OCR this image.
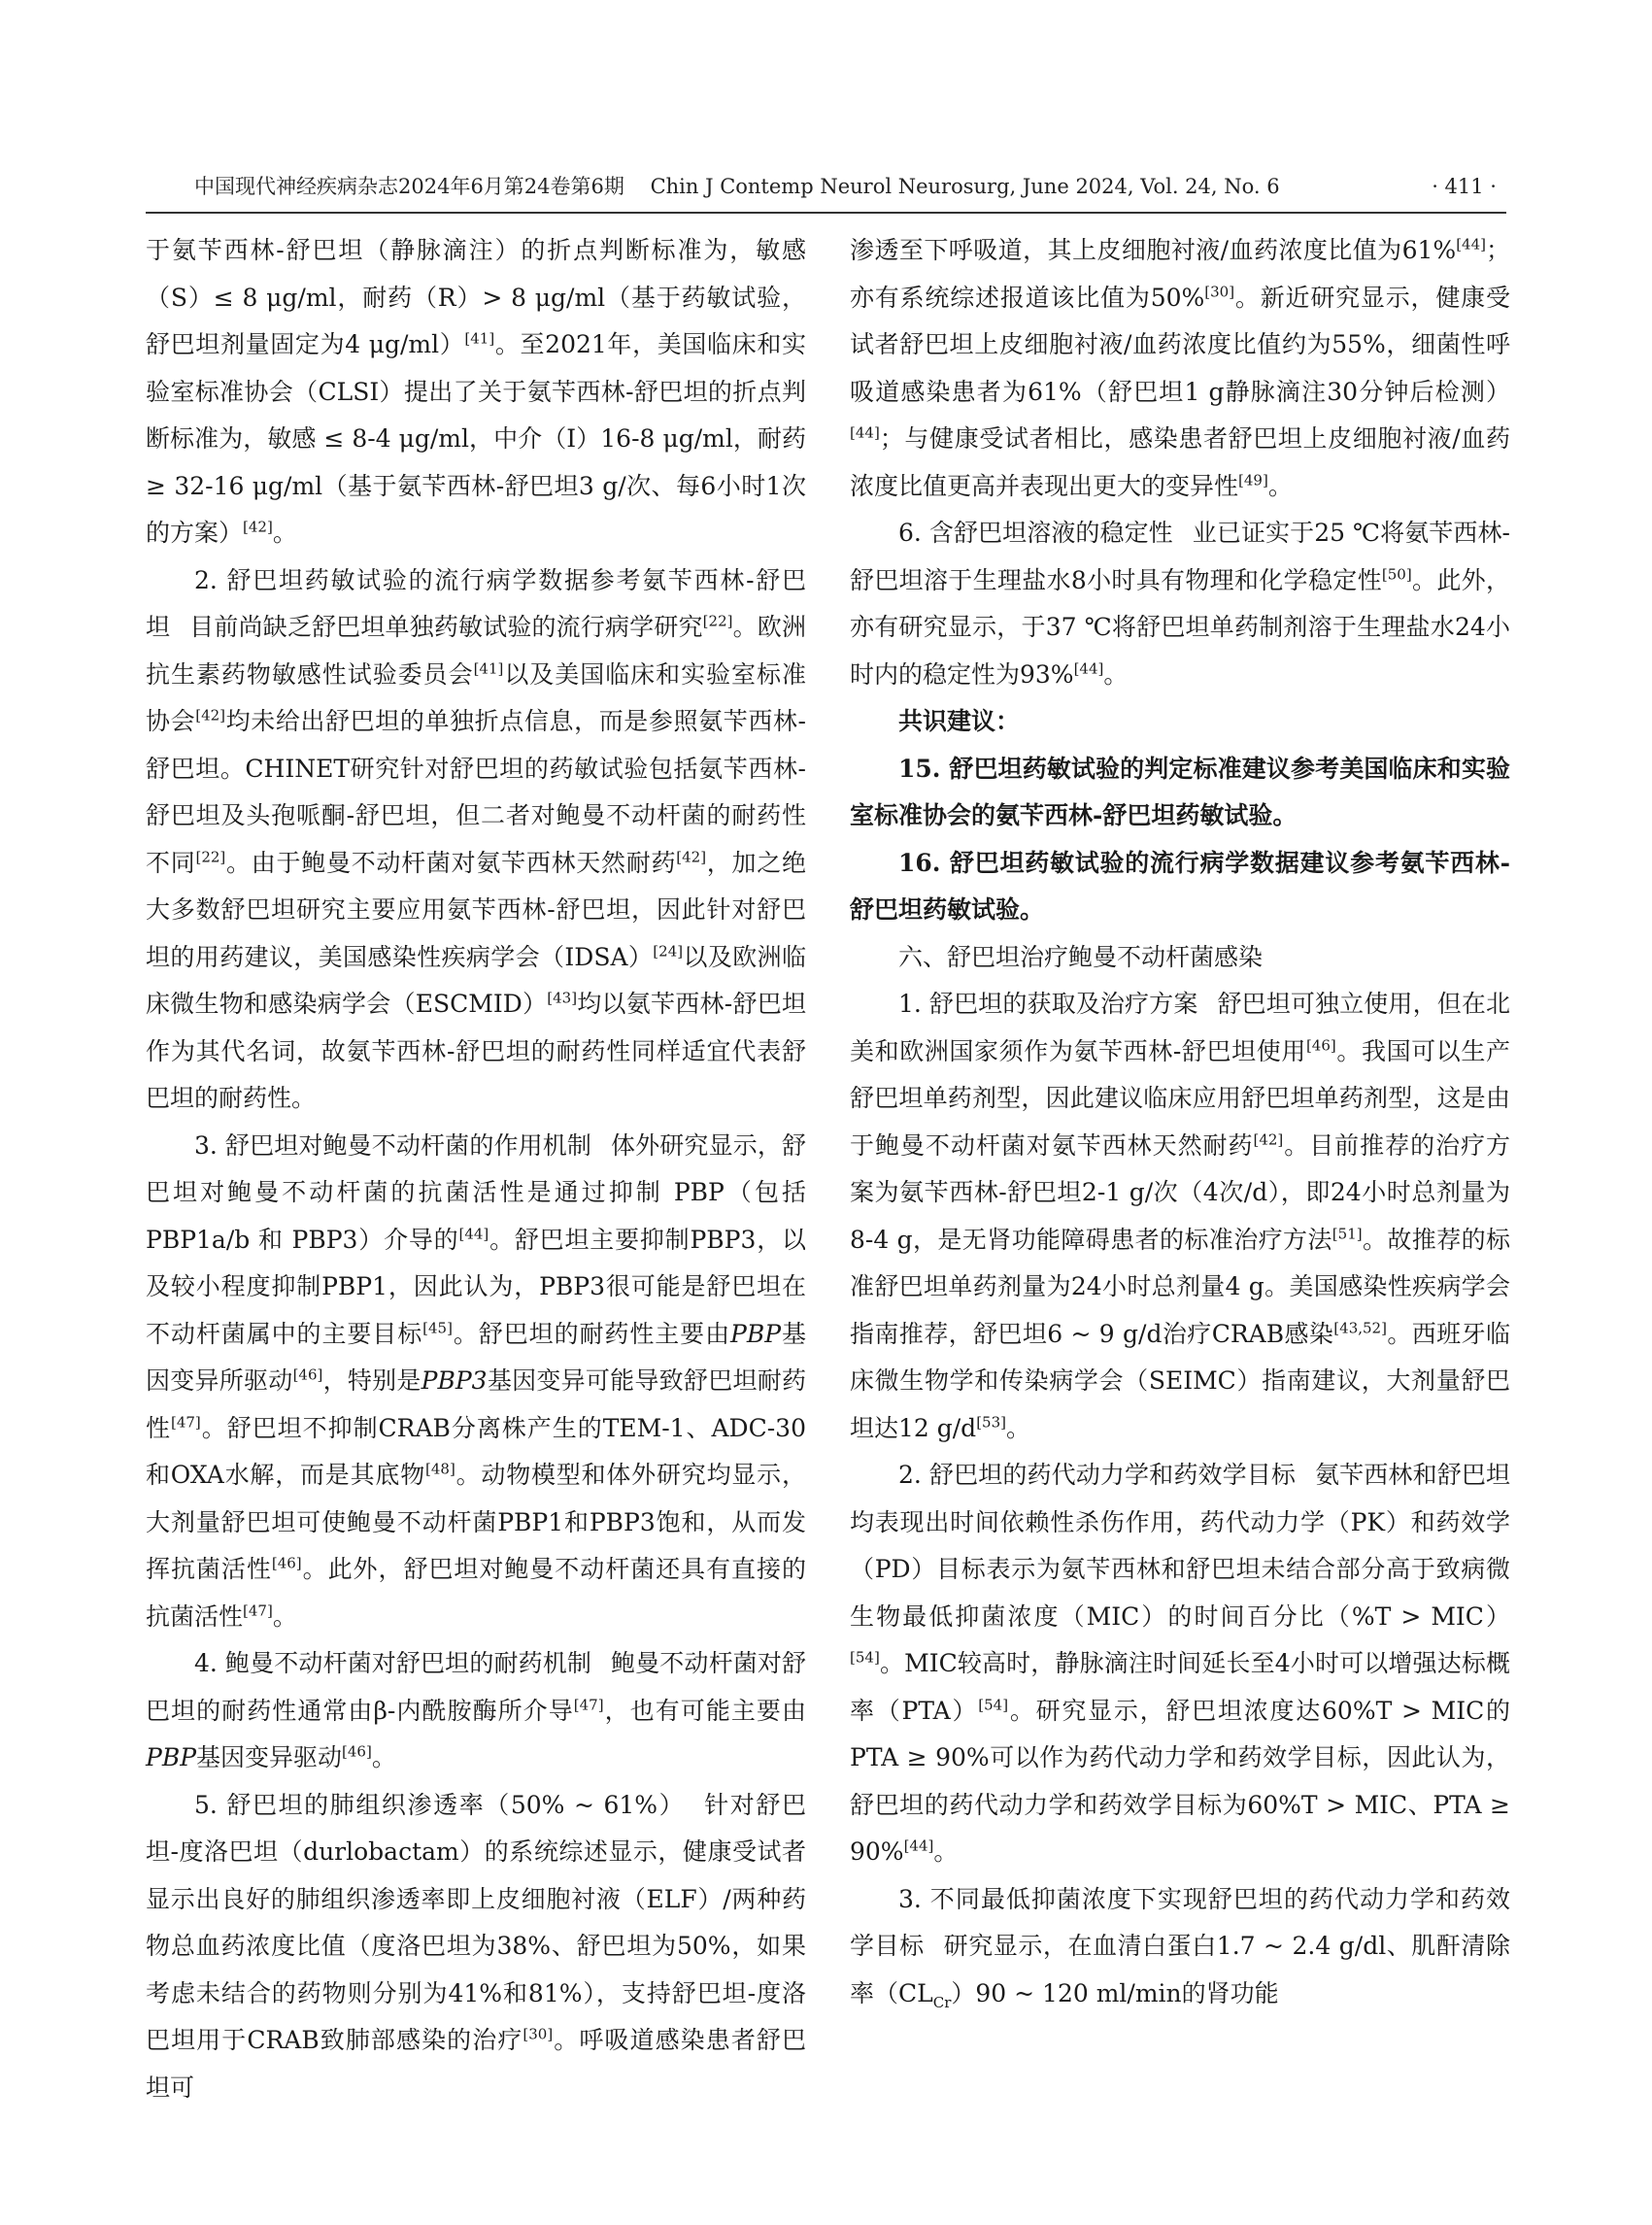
中国现代神经疾病杂志2024年6月第24卷第6期    Chin J Contemp Neurol Neurosurg, June 2024, Vol. 24, No. 6	· 411 ·

于氨苄西林-舒巴坦（静脉滴注）的折点判断标准为，敏感（S）≤ 8 μg/ml，耐药（R）> 8 μg/ml（基于药敏试验，舒巴坦剂量固定为4 μg/ml）[41]。至2021年，美国临床和实验室标准协会（CLSI）提出了关于氨苄西林-舒巴坦的折点判断标准为，敏感 ≤ 8-4 μg/ml，中介（I）16-8 μg/ml，耐药 ≥ 32-16 μg/ml（基于氨苄西林-舒巴坦3 g/次、每6小时1次的方案）[42]。

2. 舒巴坦药敏试验的流行病学数据参考氨苄西林-舒巴坦 目前尚缺乏舒巴坦单独药敏试验的流行病学研究[22]。欧洲抗生素药物敏感性试验委员会[41]以及美国临床和实验室标准协会[42]均未给出舒巴坦的单独折点信息，而是参照氨苄西林-舒巴坦。CHINET研究针对舒巴坦的药敏试验包括氨苄西林-舒巴坦及头孢哌酮-舒巴坦，但二者对鲍曼不动杆菌的耐药性不同[22]。由于鲍曼不动杆菌对氨苄西林天然耐药[42]，加之绝大多数舒巴坦研究主要应用氨苄西林-舒巴坦，因此针对舒巴坦的用药建议，美国感染性疾病学会（IDSA）[24]以及欧洲临床微生物和感染病学会（ESCMID）[43]均以氨苄西林-舒巴坦作为其代名词，故氨苄西林-舒巴坦的耐药性同样适宜代表舒巴坦的耐药性。

3. 舒巴坦对鲍曼不动杆菌的作用机制 体外研究显示，舒巴坦对鲍曼不动杆菌的抗菌活性是通过抑制 PBP（包括 PBP1a/b 和 PBP3）介导的[44]。舒巴坦主要抑制PBP3，以及较小程度抑制PBP1，因此认为，PBP3很可能是舒巴坦在不动杆菌属中的主要目标[45]。舒巴坦的耐药性主要由PBP基因变异所驱动[46]，特别是PBP3基因变异可能导致舒巴坦耐药性[47]。舒巴坦不抑制CRAB分离株产生的TEM-1、ADC-30和OXA水解，而是其底物[48]。动物模型和体外研究均显示，大剂量舒巴坦可使鲍曼不动杆菌PBP1和PBP3饱和，从而发挥抗菌活性[46]。此外，舒巴坦对鲍曼不动杆菌还具有直接的抗菌活性[47]。

4. 鲍曼不动杆菌对舒巴坦的耐药机制 鲍曼不动杆菌对舒巴坦的耐药性通常由β-内酰胺酶所介导[47]，也有可能主要由PBP基因变异驱动[46]。

5. 舒巴坦的肺组织渗透率（50% ~ 61%） 针对舒巴坦-度洛巴坦（durlobactam）的系统综述显示，健康受试者显示出良好的肺组织渗透率即上皮细胞衬液（ELF）/两种药物总血药浓度比值（度洛巴坦为38%、舒巴坦为50%，如果考虑未结合的药物则分别为41%和81%），支持舒巴坦-度洛巴坦用于CRAB致肺部感染的治疗[30]。呼吸道感染患者舒巴坦可

渗透至下呼吸道，其上皮细胞衬液/血药浓度比值为61%[44]；亦有系统综述报道该比值为50%[30]。新近研究显示，健康受试者舒巴坦上皮细胞衬液/血药浓度比值约为55%，细菌性呼吸道感染患者为61%（舒巴坦1 g静脉滴注30分钟后检测）[44]；与健康受试者相比，感染患者舒巴坦上皮细胞衬液/血药浓度比值更高并表现出更大的变异性[49]。

6. 含舒巴坦溶液的稳定性 业已证实于25 ℃将氨苄西林-舒巴坦溶于生理盐水8小时具有物理和化学稳定性[50]。此外，亦有研究显示，于37 ℃将舒巴坦单药制剂溶于生理盐水24小时内的稳定性为93%[44]。

共识建议：

15. 舒巴坦药敏试验的判定标准建议参考美国临床和实验室标准协会的氨苄西林-舒巴坦药敏试验。

16. 舒巴坦药敏试验的流行病学数据建议参考氨苄西林-舒巴坦药敏试验。

六、舒巴坦治疗鲍曼不动杆菌感染

1. 舒巴坦的获取及治疗方案 舒巴坦可独立使用，但在北美和欧洲国家须作为氨苄西林-舒巴坦使用[46]。我国可以生产舒巴坦单药剂型，因此建议临床应用舒巴坦单药剂型，这是由于鲍曼不动杆菌对氨苄西林天然耐药[42]。目前推荐的治疗方案为氨苄西林-舒巴坦2-1 g/次（4次/d），即24小时总剂量为8-4 g，是无肾功能障碍患者的标准治疗方法[51]。故推荐的标准舒巴坦单药剂量为24小时总剂量4 g。美国感染性疾病学会指南推荐，舒巴坦6 ~ 9 g/d治疗CRAB感染[43,52]。西班牙临床微生物学和传染病学会（SEIMC）指南建议，大剂量舒巴坦达12 g/d[53]。

2. 舒巴坦的药代动力学和药效学目标 氨苄西林和舒巴坦均表现出时间依赖性杀伤作用，药代动力学（PK）和药效学（PD）目标表示为氨苄西林和舒巴坦未结合部分高于致病微生物最低抑菌浓度（MIC）的时间百分比（%T > MIC）[54]。MIC较高时，静脉滴注时间延长至4小时可以增强达标概率（PTA）[54]。研究显示，舒巴坦浓度达60%T > MIC的PTA ≥ 90%可以作为药代动力学和药效学目标，因此认为，舒巴坦的药代动力学和药效学目标为60%T > MIC、PTA ≥ 90%[44]。

3. 不同最低抑菌浓度下实现舒巴坦的药代动力学和药效学目标 研究显示，在血清白蛋白1.7 ~ 2.4 g/dl、肌酐清除率$(CL_{Cr})90$ ~ 120 ml/min的肾功能
